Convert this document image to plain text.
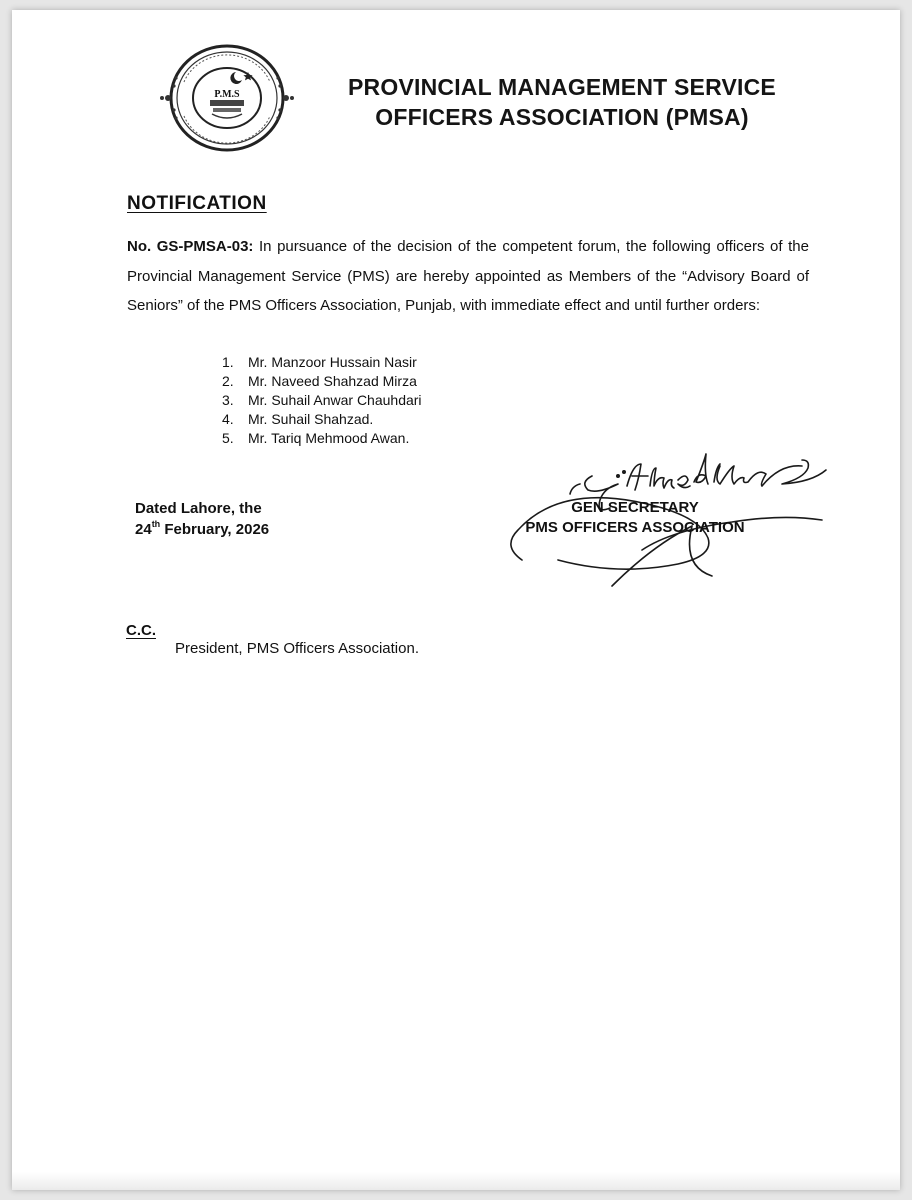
P.M.S	PROVINCIAL MANAGEMENT SERVICE
OFFICERS ASSOCIATION (PMSA)
NOTIFICATION
No. GS-PMSA-03: In pursuance of the decision of the competent forum, the following officers of the Provincial Management Service (PMS) are hereby appointed as Members of the “Advisory Board of Seniors” of the PMS Officers Association, Punjab, with immediate effect and until further orders:
1.	Mr. Manzoor Hussain Nasir
2.	Mr. Naveed Shahzad Mirza
3.	Mr. Suhail Anwar Chauhdari
4.	Mr. Suhail Shahzad.
5.	Mr. Tariq Mehmood Awan.
Dated Lahore, the
24th February, 2026
GEN SECRETARY
PMS OFFICERS ASSOCIATION
C.C.
President, PMS Officers Association.
